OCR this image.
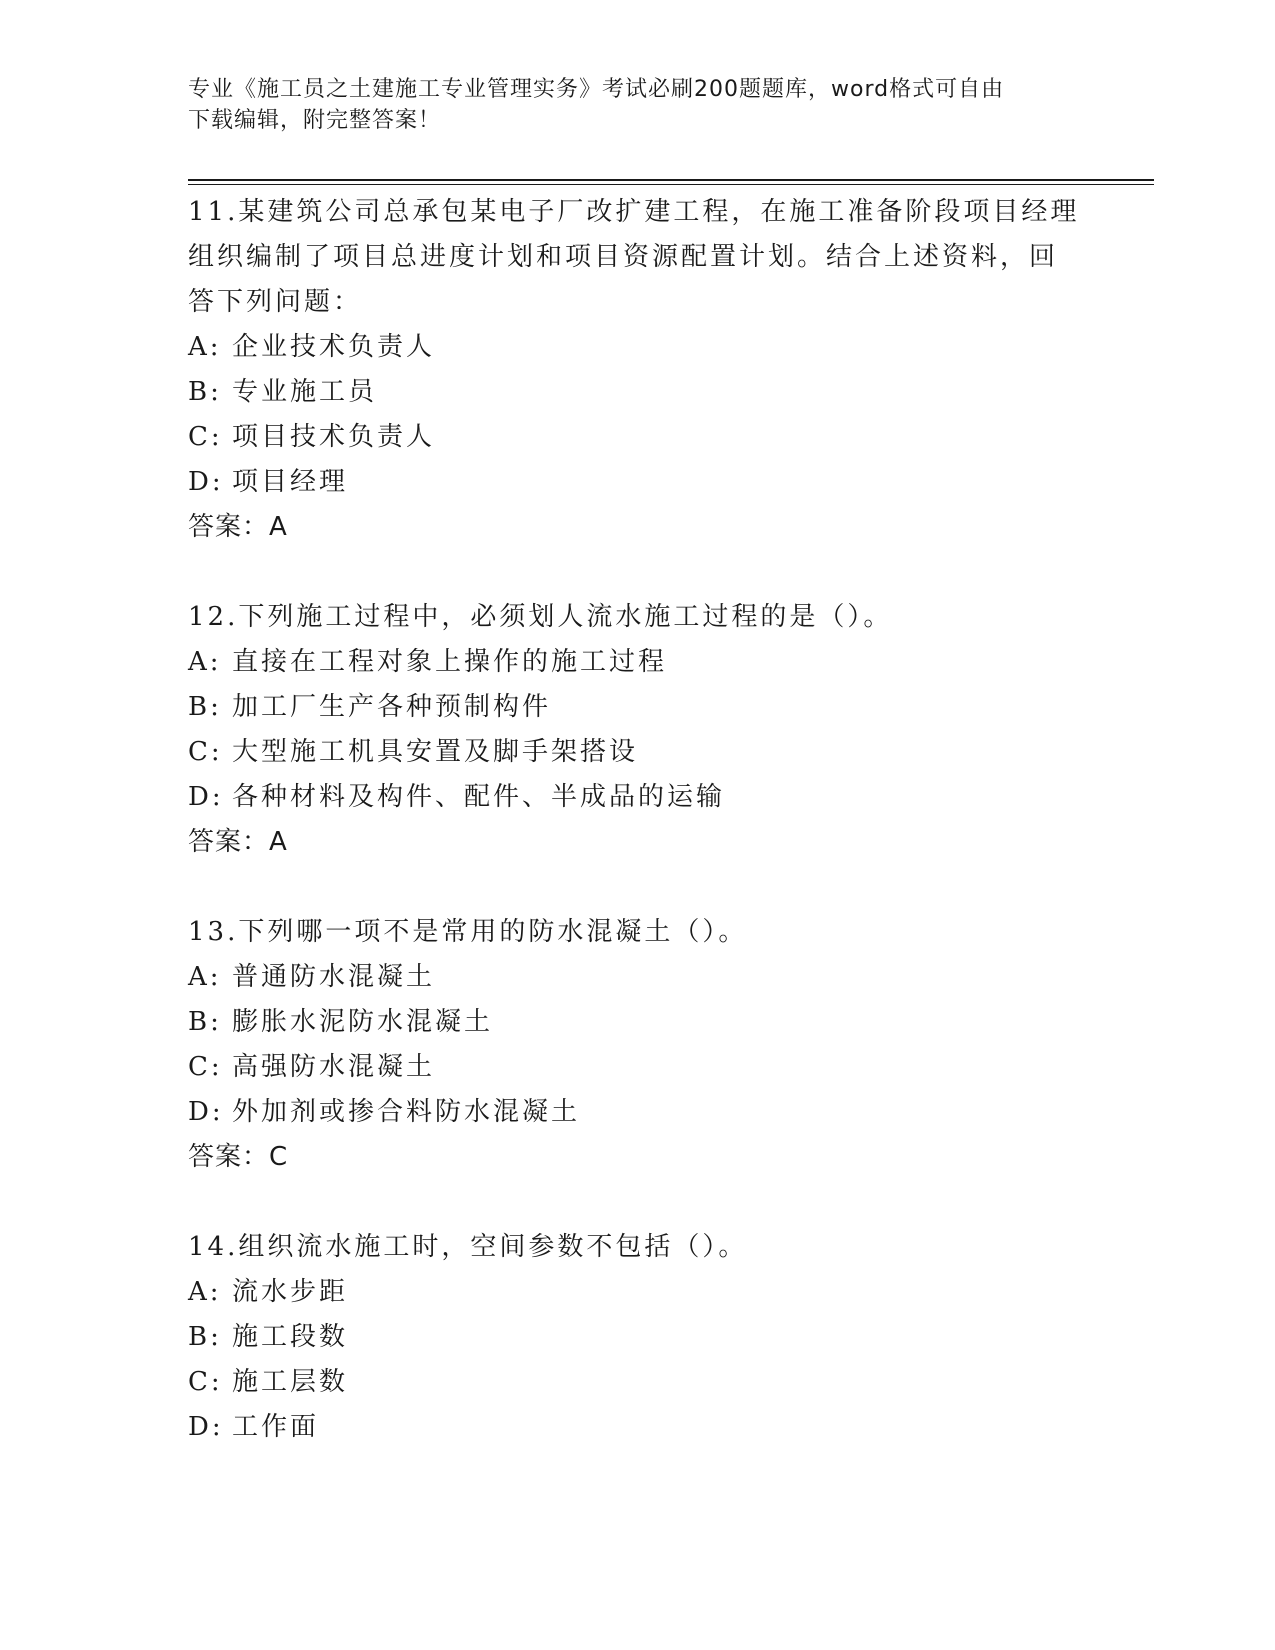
专业《施工员之土建施工专业管理实务》考试必刷200题题库，word格式可自由
下载编辑，附完整答案！

11.某建筑公司总承包某电子厂改扩建工程，在施工准备阶段项目经理

组织编制了项目总进度计划和项目资源配置计划。结合上述资料，回

答下列问题：

A: 企业技术负责人

B: 专业施工员

C: 项目技术负责人

D: 项目经理

答案：A

12.下列施工过程中，必须划人流水施工过程的是（）。

A: 直接在工程对象上操作的施工过程

B: 加工厂生产各种预制构件

C: 大型施工机具安置及脚手架搭设

D: 各种材料及构件、配件、半成品的运输

答案：A

13.下列哪一项不是常用的防水混凝土（）。

A: 普通防水混凝土

B: 膨胀水泥防水混凝土

C: 高强防水混凝土

D: 外加剂或掺合料防水混凝土

答案：C

14.组织流水施工时，空间参数不包括（）。

A: 流水步距

B: 施工段数

C: 施工层数

D: 工作面
